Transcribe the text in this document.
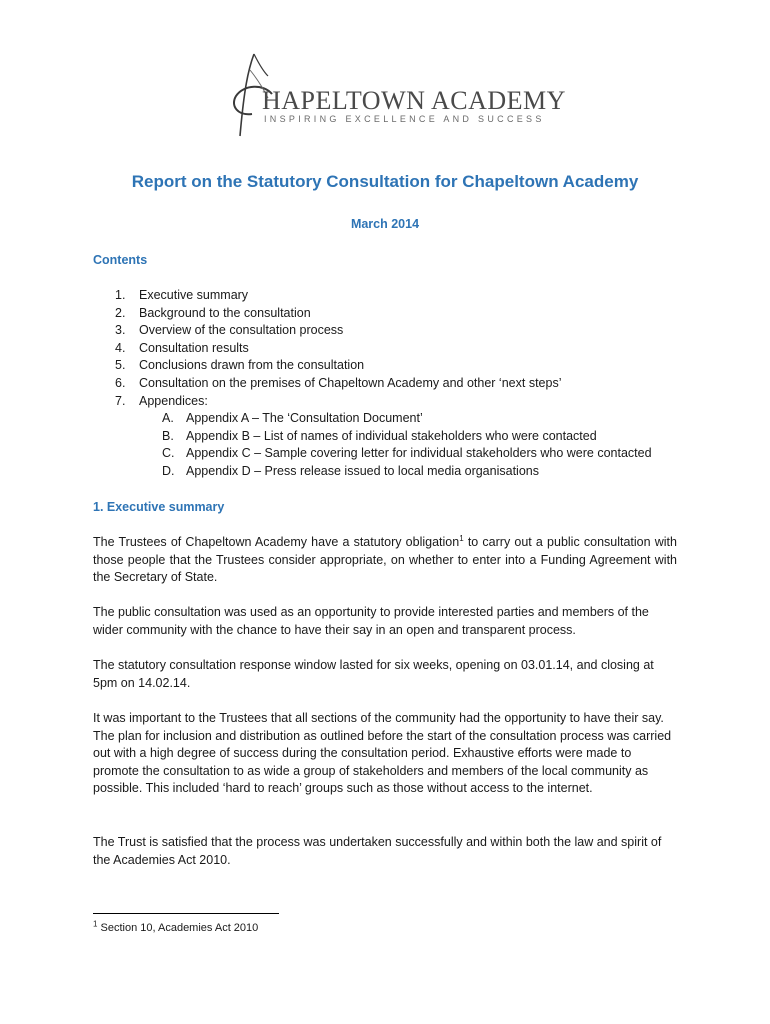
HAPELTOWN ACADEMY
INSPIRING EXCELLENCE AND SUCCESS
Report on the Statutory Consultation for Chapeltown Academy
March 2014
Contents
1.	Executive summary
2.	Background to the consultation
3.	Overview of the consultation process
4.	Consultation results
5.	Conclusions drawn from the consultation
6.	Consultation on the premises of Chapeltown Academy and other ‘next steps’
7.	Appendices:
A. Appendix A – The ‘Consultation Document’
B. Appendix B – List of names of individual stakeholders who were contacted
C. Appendix C – Sample covering letter for individual stakeholders who were contacted
D. Appendix D – Press release issued to local media organisations
1. Executive summary
The Trustees of Chapeltown Academy have a statutory obligation$^1$ to carry out a public consultation with those people that the Trustees consider appropriate, on whether to enter into a Funding Agreement with the Secretary of State.
The public consultation was used as an opportunity to provide interested parties and members of the wider community with the chance to have their say in an open and transparent process.
The statutory consultation response window lasted for six weeks, opening on 03.01.14, and closing at 5pm on 14.02.14.
It was important to the Trustees that all sections of the community had the opportunity to have their say. The plan for inclusion and distribution as outlined before the start of the consultation process was carried out with a high degree of success during the consultation period. Exhaustive efforts were made to promote the consultation to as wide a group of stakeholders and members of the local community as possible. This included ‘hard to reach’ groups such as those without access to the internet.
The Trust is satisfied that the process was undertaken successfully and within both the law and spirit of the Academies Act 2010.
$^1$ Section 10, Academies Act 2010
